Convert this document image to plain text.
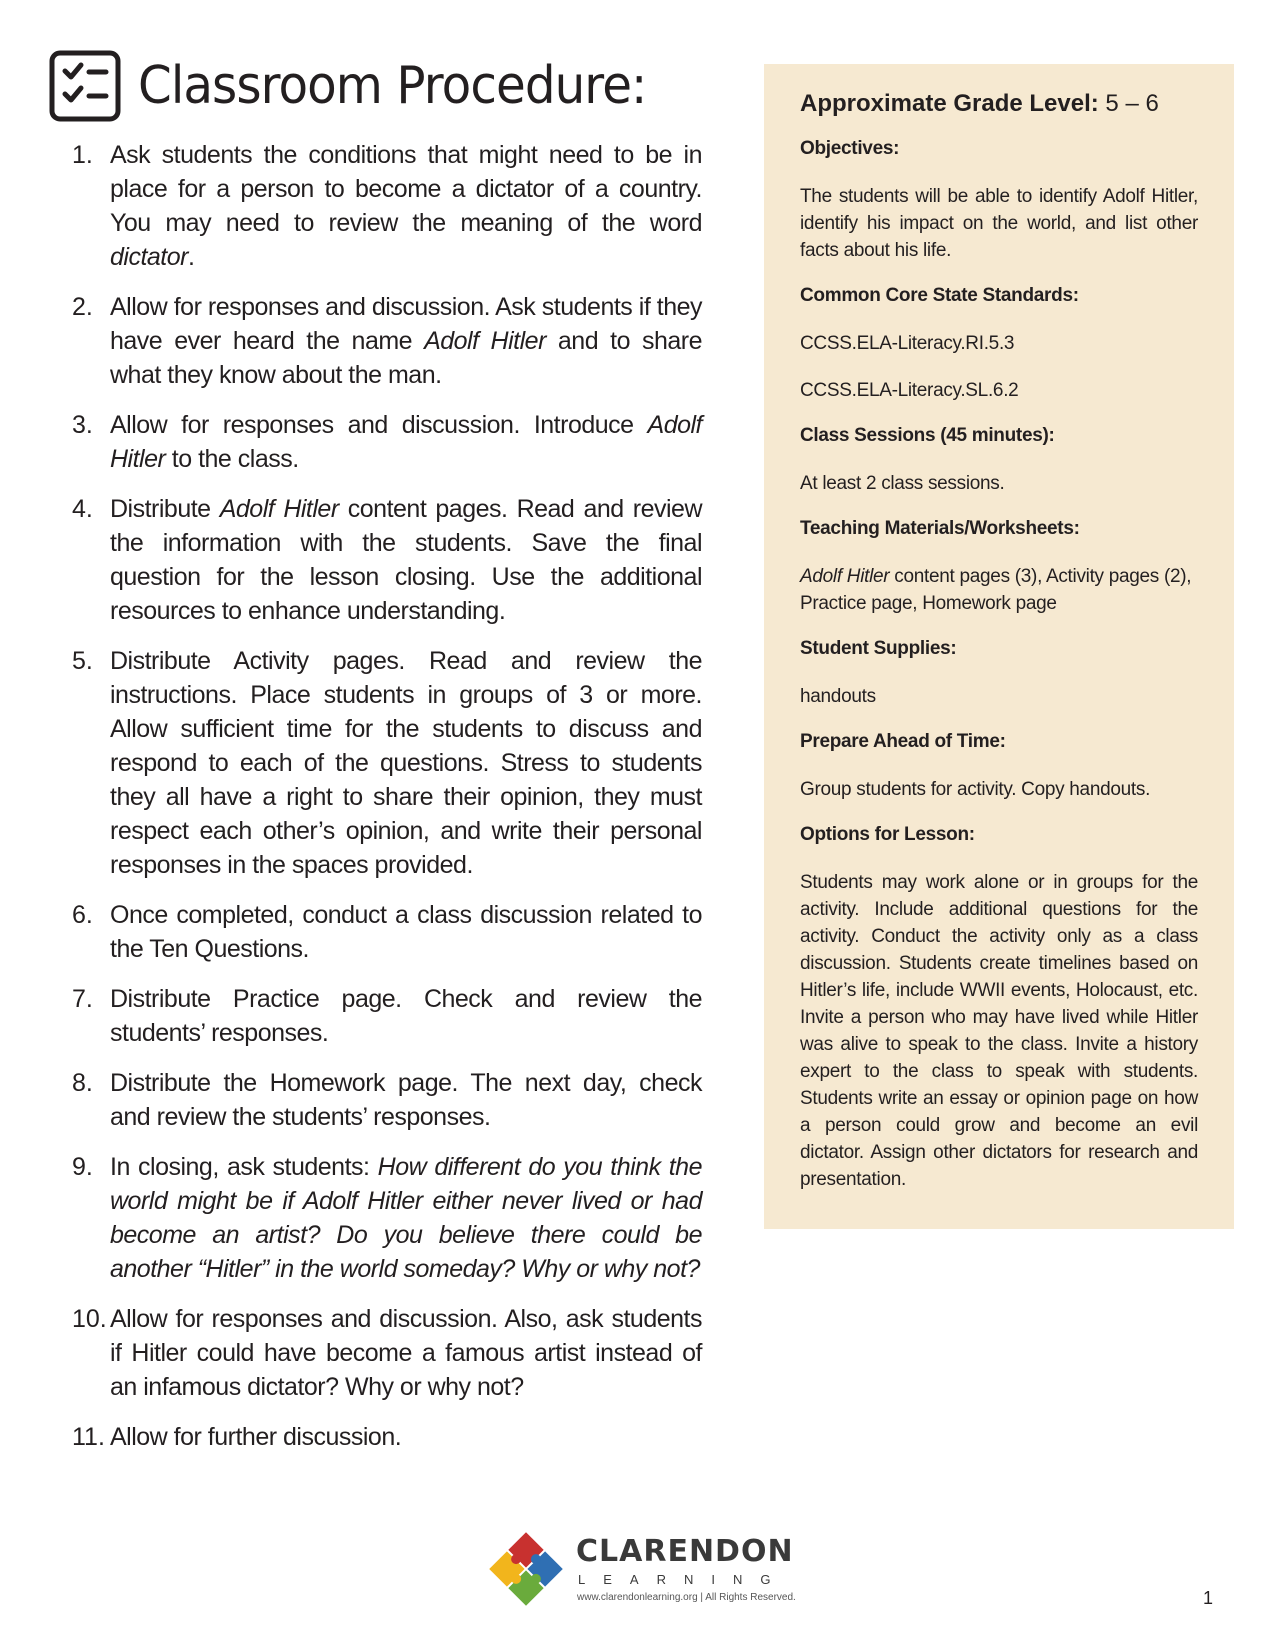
Classroom Procedure:
1. Ask students the conditions that might need to be in place for a person to become a dictator of a country. You may need to review the meaning of the word dictator.
2. Allow for responses and discussion. Ask students if they have ever heard the name Adolf Hitler and to share what they know about the man.
3. Allow for responses and discussion. Introduce Adolf Hitler to the class.
4. Distribute Adolf Hitler content pages. Read and review the information with the students. Save the final question for the lesson closing. Use the additional resources to enhance understanding.
5. Distribute Activity pages. Read and review the instructions. Place students in groups of 3 or more. Allow sufficient time for the students to discuss and respond to each of the questions. Stress to students they all have a right to share their opinion, they must respect each other’s opinion, and write their personal responses in the spaces provided.
6. Once completed, conduct a class discussion related to the Ten Questions.
7. Distribute Practice page. Check and review the students’ responses.
8. Distribute the Homework page. The next day, check and review the students’ responses.
9. In closing, ask students: How different do you think the world might be if Adolf Hitler either never lived or had become an artist? Do you believe there could be another “Hitler” in the world someday? Why or why not?
10. Allow for responses and discussion. Also, ask students if Hitler could have become a famous artist instead of an infamous dictator? Why or why not?
11. Allow for further discussion.
Approximate Grade Level: 5 – 6
Objectives:
The students will be able to identify Adolf Hitler, identify his impact on the world, and list other facts about his life.
Common Core State Standards:
CCSS.ELA-Literacy.RI.5.3
CCSS.ELA-Literacy.SL.6.2
Class Sessions (45 minutes):
At least 2 class sessions.
Teaching Materials/Worksheets:
Adolf Hitler content pages (3), Activity pages (2), Practice page, Homework page
Student Supplies:
handouts
Prepare Ahead of Time:
Group students for activity. Copy handouts.
Options for Lesson:
Students may work alone or in groups for the activity. Include additional questions for the activity. Conduct the activity only as a class discussion. Students create timelines based on Hitler’s life, include WWII events, Holocaust, etc. Invite a person who may have lived while Hitler was alive to speak to the class. Invite a history expert to the class to speak with students. Students write an essay or opinion page on how a person could grow and become an evil dictator. Assign other dictators for research and presentation.
CLARENDON
LEARNING
www.clarendonlearning.org | All Rights Reserved.	1
